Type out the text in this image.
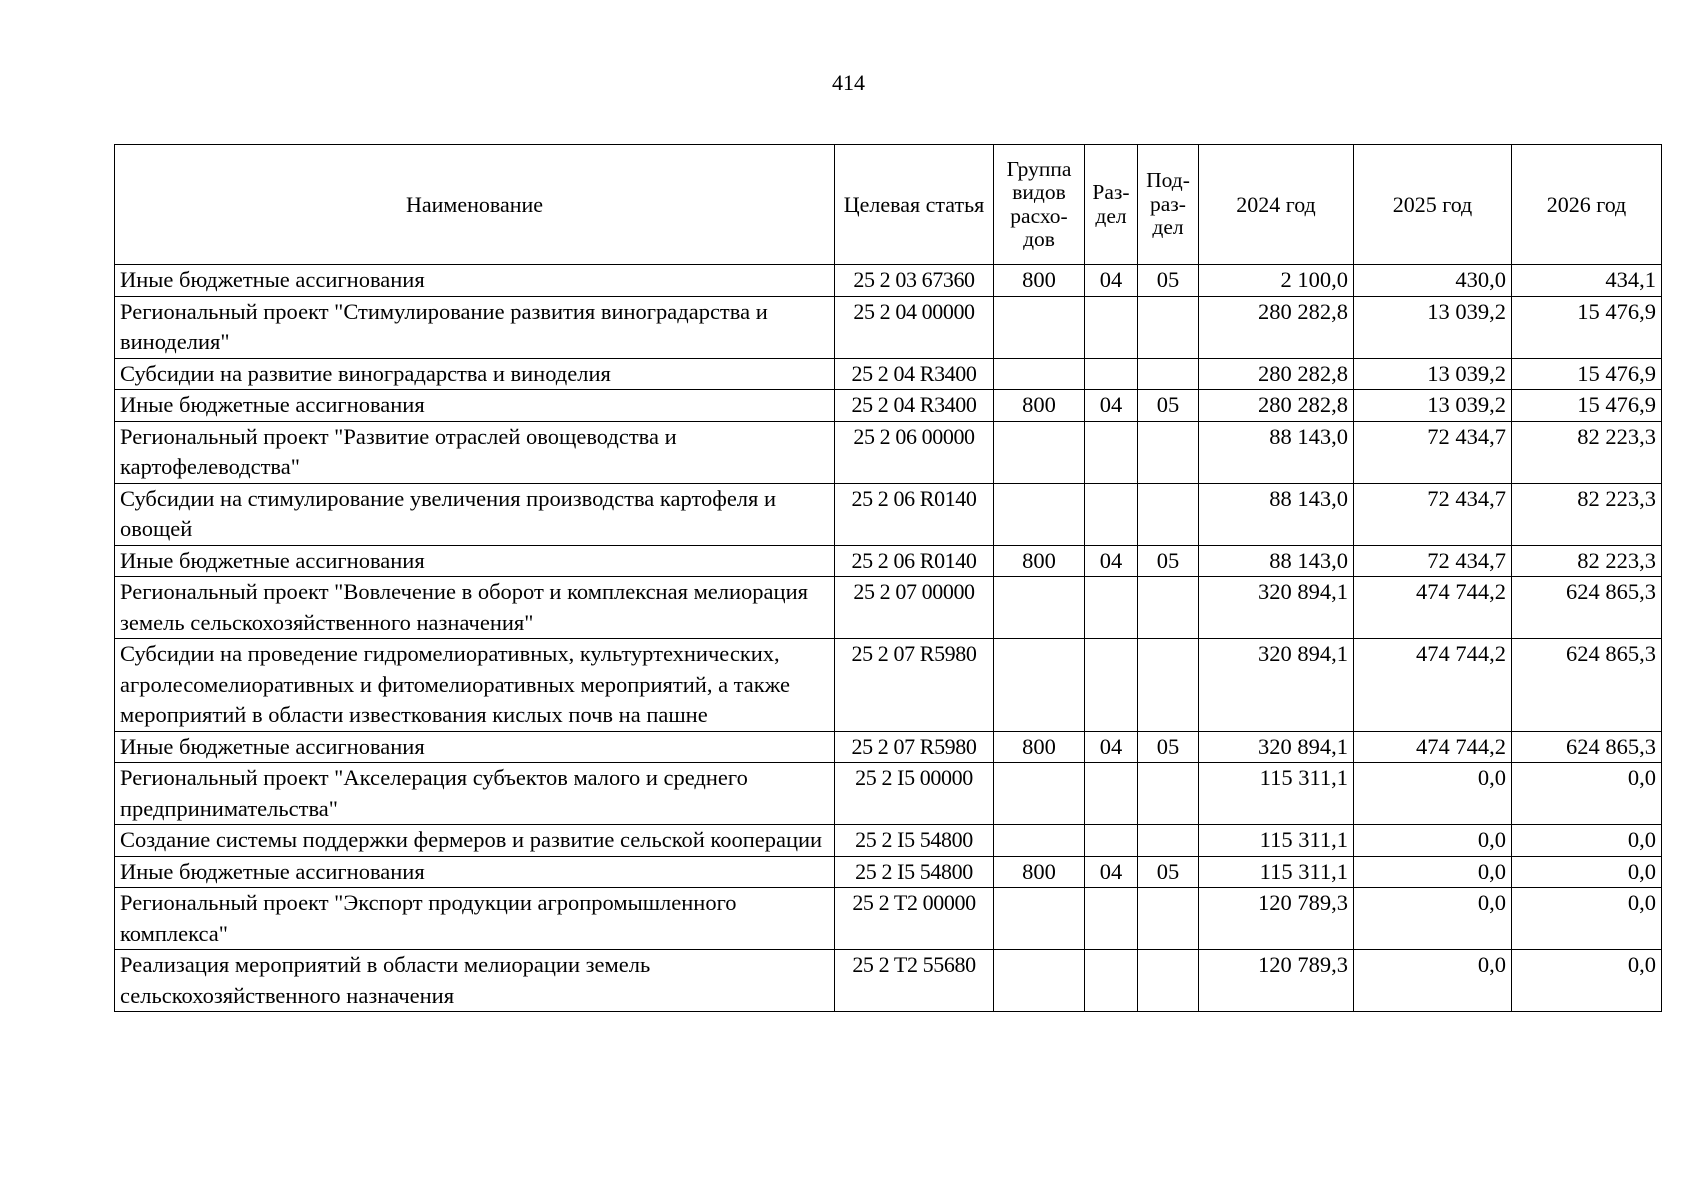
414
Наименование	Целевая статья	Группа видов расхо-дов	Раз-дел	Под-раз-дел	2024 год	2025 год	2026 год
Иные бюджетные ассигнования	25 2 03 67360	800	04	05	2 100,0	430,0	434,1
Региональный проект "Стимулирование развития виноградарства и виноделия"	25 2 04 00000				280 282,8	13 039,2	15 476,9
Субсидии на развитие виноградарства и виноделия	25 2 04 R3400				280 282,8	13 039,2	15 476,9
Иные бюджетные ассигнования	25 2 04 R3400	800	04	05	280 282,8	13 039,2	15 476,9
Региональный проект "Развитие отраслей овощеводства и картофелеводства"	25 2 06 00000				88 143,0	72 434,7	82 223,3
Субсидии на стимулирование увеличения производства картофеля и овощей	25 2 06 R0140				88 143,0	72 434,7	82 223,3
Иные бюджетные ассигнования	25 2 06 R0140	800	04	05	88 143,0	72 434,7	82 223,3
Региональный проект "Вовлечение в оборот и комплексная мелиорация земель сельскохозяйственного назначения"	25 2 07 00000				320 894,1	474 744,2	624 865,3
Субсидии на проведение гидромелиоративных, культуртехнических, агролесомелиоративных и фитомелиоративных мероприятий, а также мероприятий в области известкования кислых почв на пашне	25 2 07 R5980				320 894,1	474 744,2	624 865,3
Иные бюджетные ассигнования	25 2 07 R5980	800	04	05	320 894,1	474 744,2	624 865,3
Региональный проект "Акселерация субъектов малого и среднего предпринимательства"	25 2 I5 00000				115 311,1	0,0	0,0
Создание системы поддержки фермеров и развитие сельской кооперации	25 2 I5 54800				115 311,1	0,0	0,0
Иные бюджетные ассигнования	25 2 I5 54800	800	04	05	115 311,1	0,0	0,0
Региональный проект "Экспорт продукции агропромышленного комплекса"	25 2 T2 00000				120 789,3	0,0	0,0
Реализация мероприятий в области мелиорации земель сельскохозяйственного назначения	25 2 T2 55680				120 789,3	0,0	0,0
